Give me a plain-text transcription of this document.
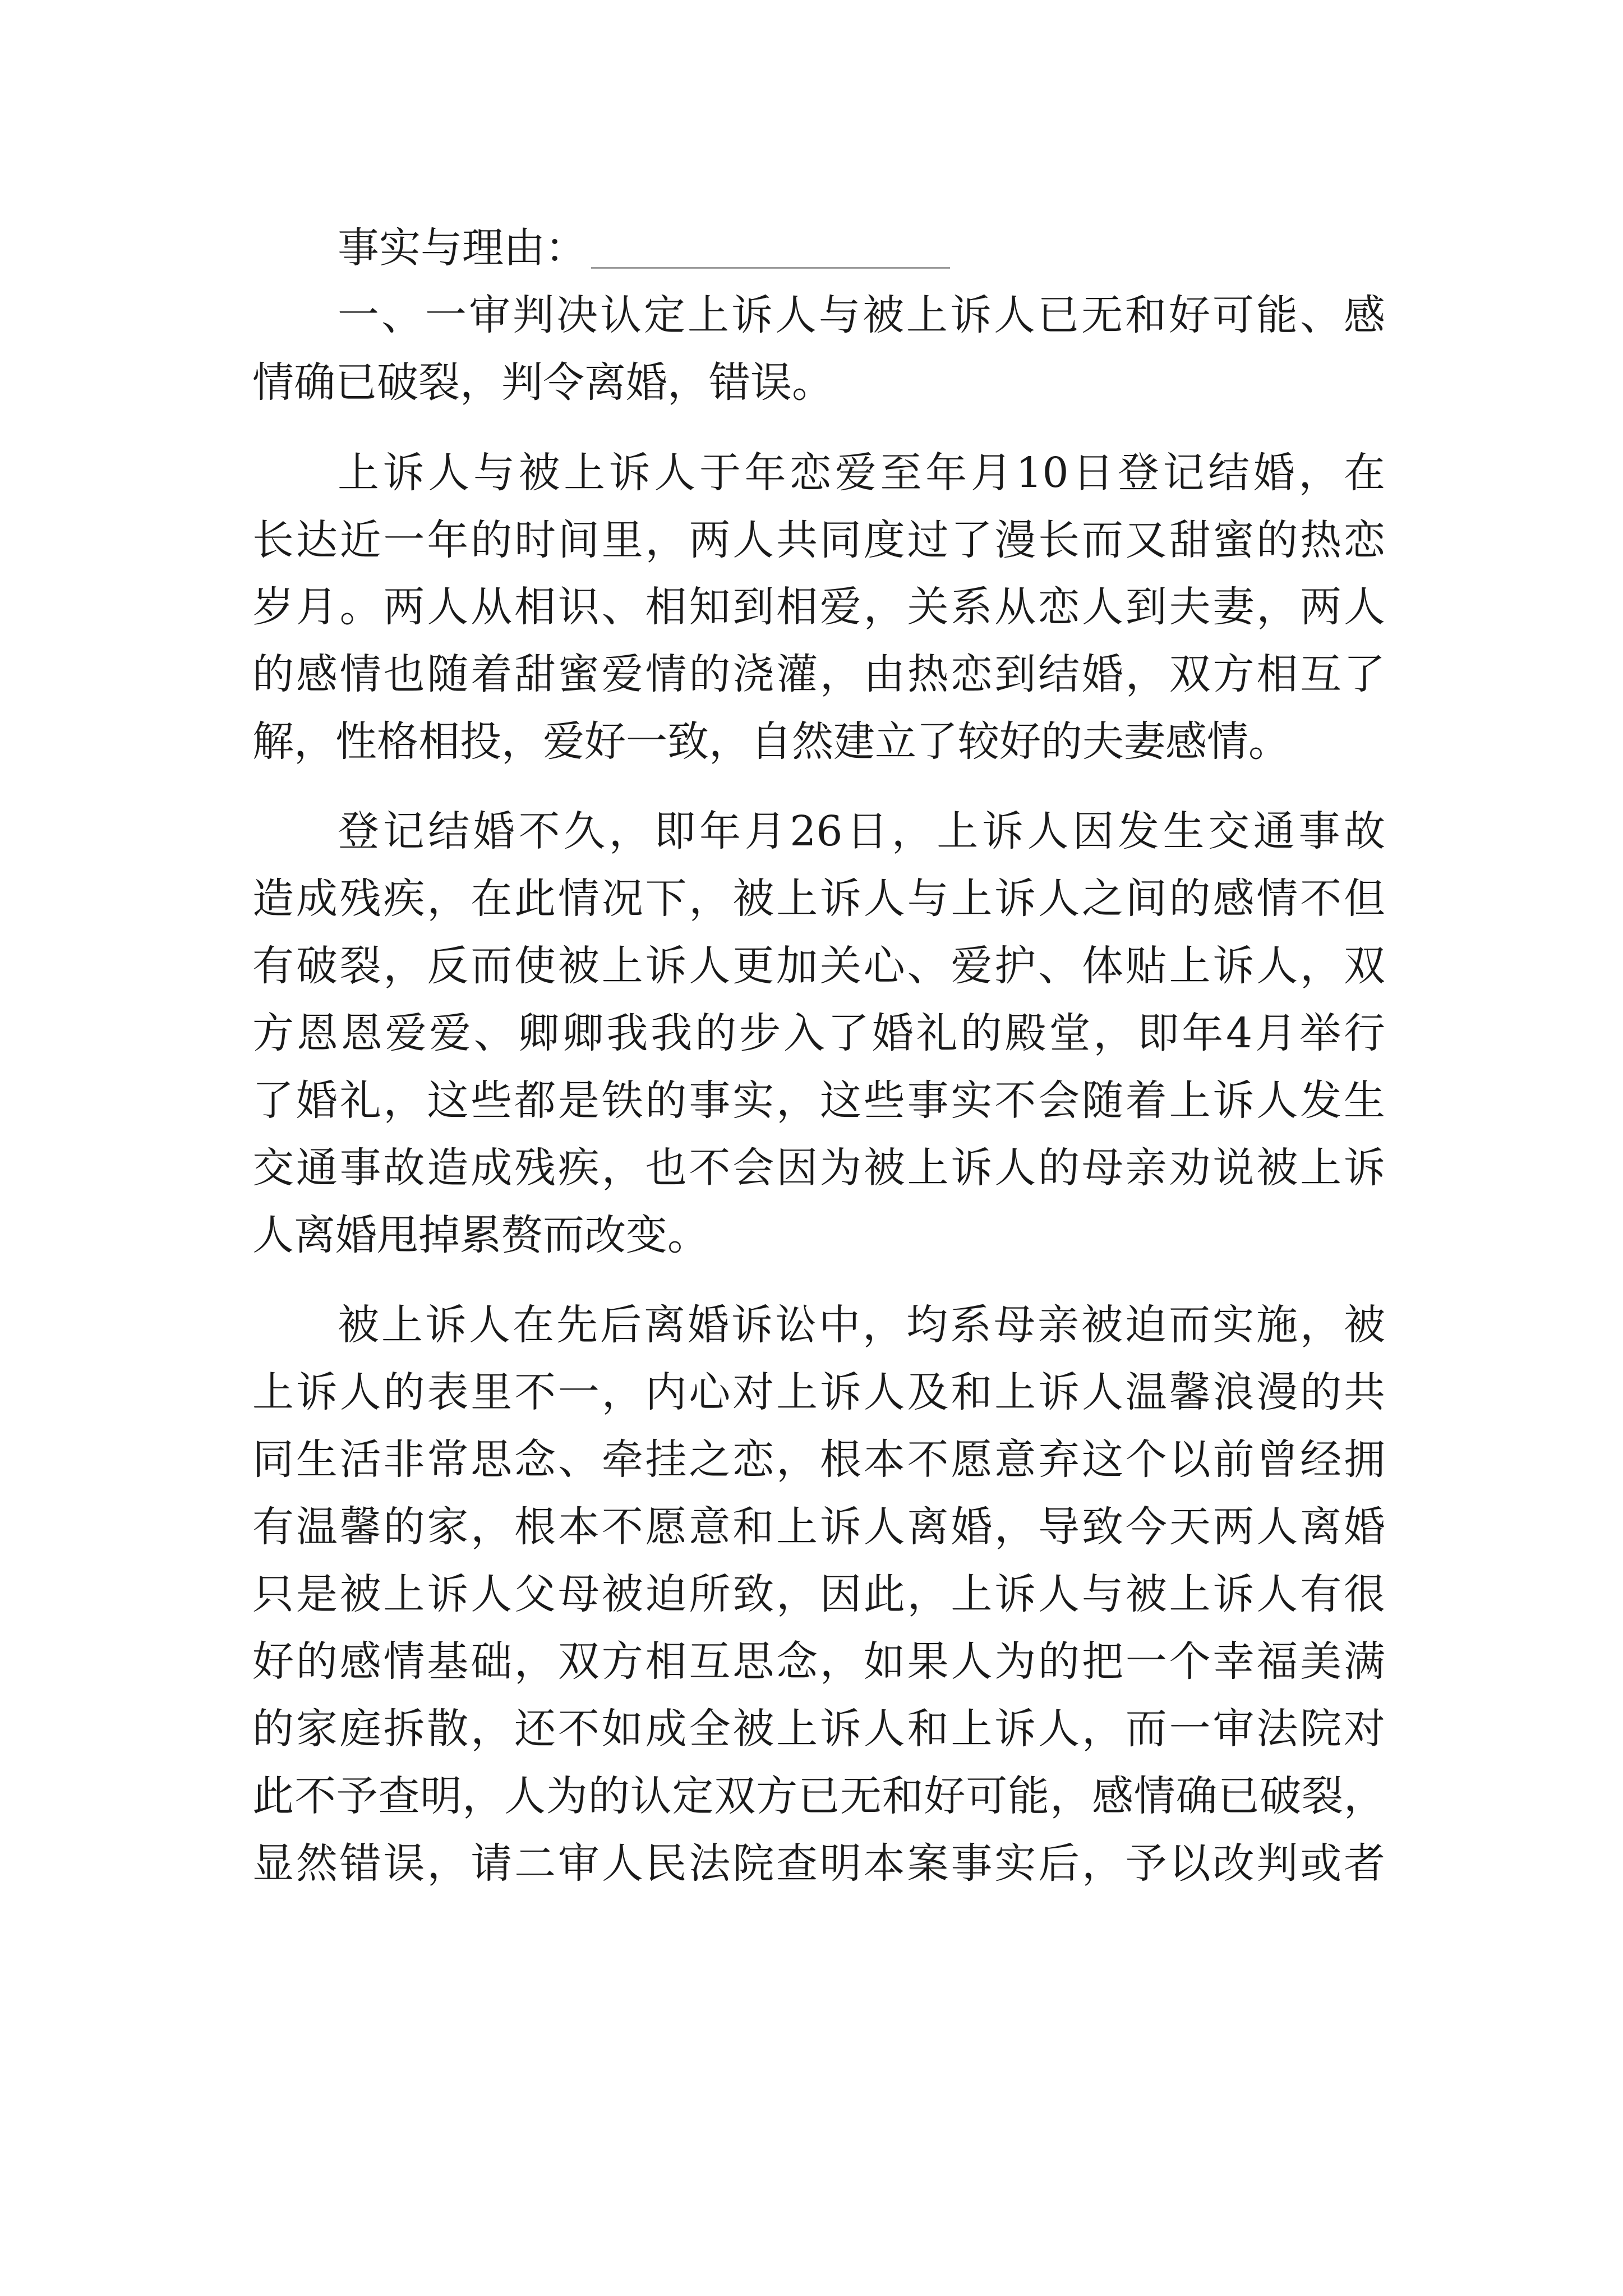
事实与理由：
一、一审判决认定上诉人与被上诉人已无和好可能、感
情确已破裂，判令离婚，错误。
上诉人与被上诉人于年恋爱至年月10日登记结婚，在
长达近一年的时间里，两人共同度过了漫长而又甜蜜的热恋
岁月。两人从相识、相知到相爱，关系从恋人到夫妻，两人
的感情也随着甜蜜爱情的浇灌，由热恋到结婚，双方相互了
解，性格相投，爱好一致，自然建立了较好的夫妻感情。
登记结婚不久，即年月26日，上诉人因发生交通事故
造成残疾，在此情况下，被上诉人与上诉人之间的感情不但
有破裂，反而使被上诉人更加关心、爱护、体贴上诉人，双
方恩恩爱爱、卿卿我我的步入了婚礼的殿堂，即年4月举行
了婚礼，这些都是铁的事实，这些事实不会随着上诉人发生
交通事故造成残疾，也不会因为被上诉人的母亲劝说被上诉
人离婚甩掉累赘而改变。
被上诉人在先后离婚诉讼中，均系母亲被迫而实施，被
上诉人的表里不一，内心对上诉人及和上诉人温馨浪漫的共
同生活非常思念、牵挂之恋，根本不愿意弃这个以前曾经拥
有温馨的家，根本不愿意和上诉人离婚，导致今天两人离婚
只是被上诉人父母被迫所致，因此，上诉人与被上诉人有很
好的感情基础，双方相互思念，如果人为的把一个幸福美满
的家庭拆散，还不如成全被上诉人和上诉人，而一审法院对
此不予查明，人为的认定双方已无和好可能，感情确已破裂，
显然错误，请二审人民法院查明本案事实后，予以改判或者
